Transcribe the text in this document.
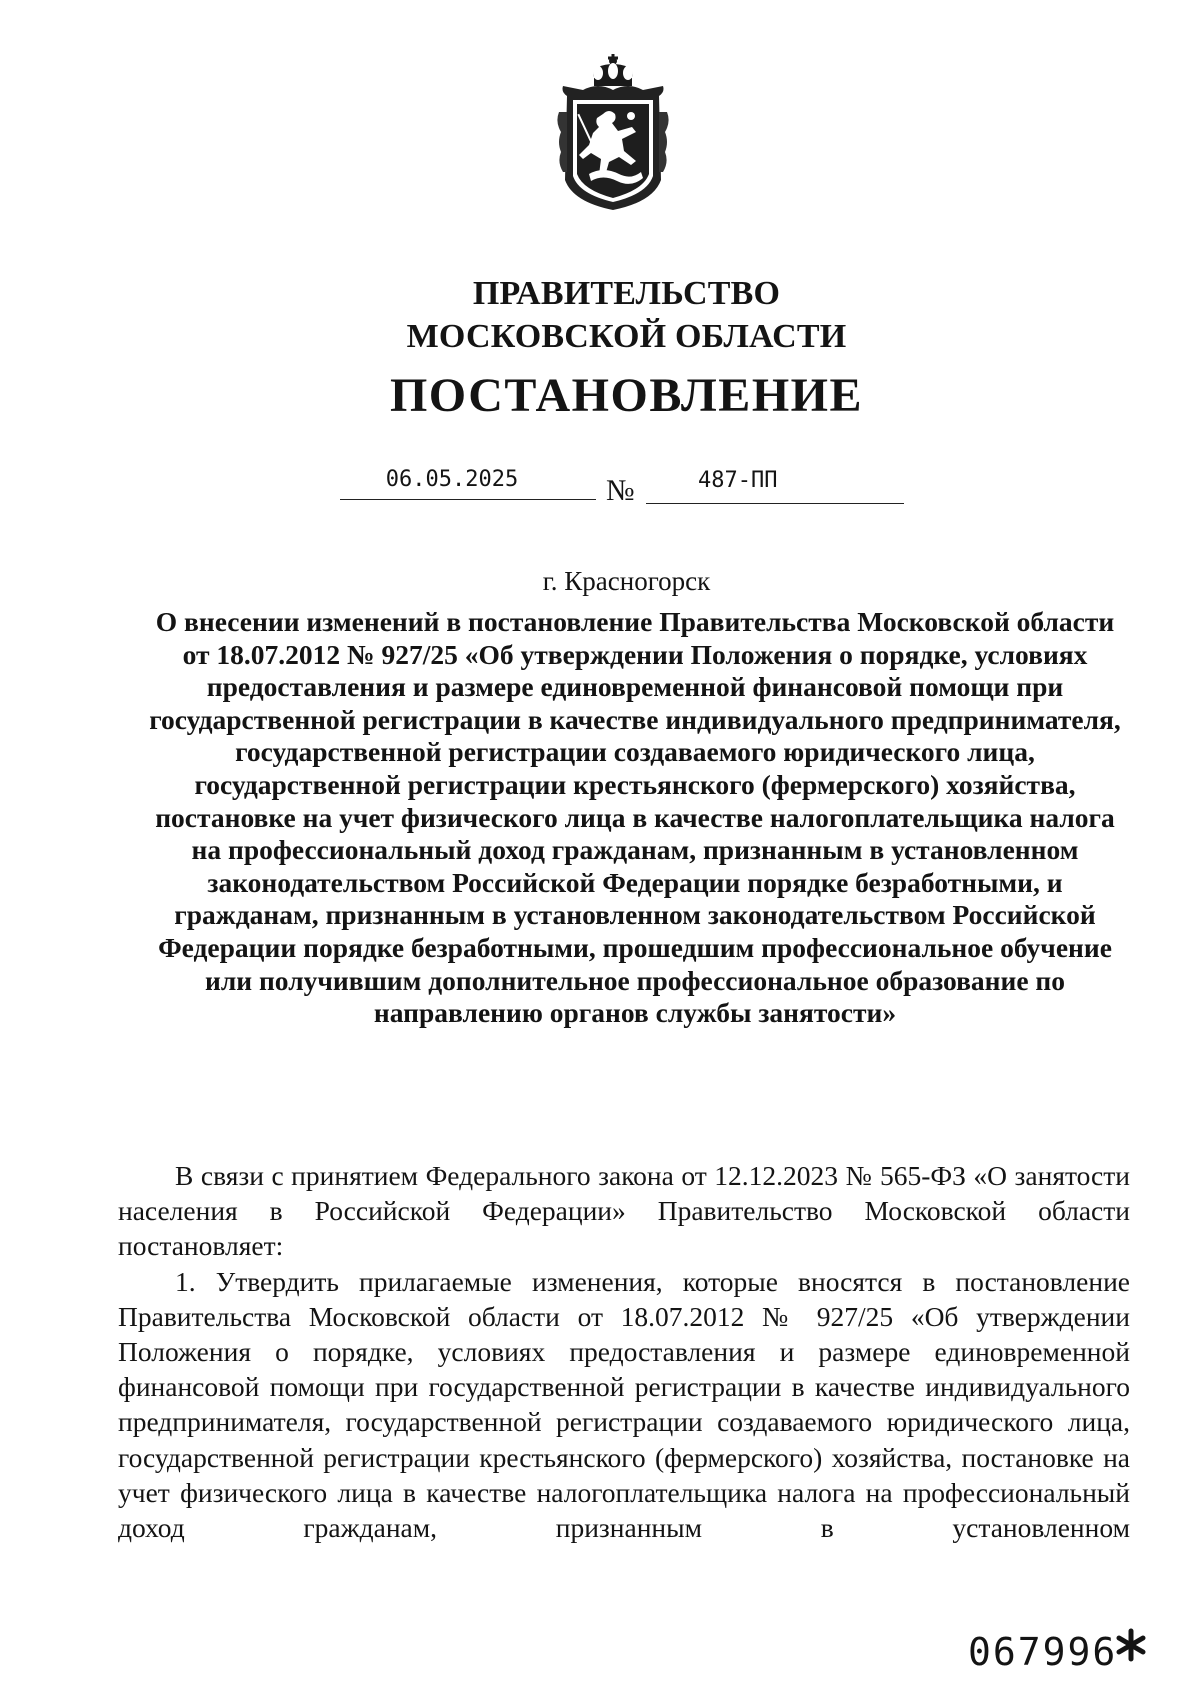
ПРАВИТЕЛЬСТВО
МОСКОВСКОЙ ОБЛАСТИ
ПОСТАНОВЛЕНИЕ
06.05.2025	№	487-ПП
г. Красногорск
О внесении изменений в постановление Правительства Московской области от 18.07.2012 № 927/25 «Об утверждении Положения о порядке, условиях предоставления и размере единовременной финансовой помощи при государственной регистрации в качестве индивидуального предпринимателя, государственной регистрации создаваемого юридического лица, государственной регистрации крестьянского (фермерского) хозяйства, постановке на учет физического лица в качестве налогоплательщика налога на профессиональный доход гражданам, признанным в установленном законодательством Российской Федерации порядке безработными, и гражданам, признанным в установленном законодательством Российской Федерации порядке безработными, прошедшим профессиональное обучение или получившим дополнительное профессиональное образование по направлению органов службы занятости»

В связи с принятием Федерального закона от 12.12.2023 № 565-ФЗ «О занятости населения в Российской Федерации» Правительство Московской области постановляет:

1. Утвердить прилагаемые изменения, которые вносятся в постановление Правительства Московской области от 18.07.2012 № 927/25 «Об утверждении Положения о порядке, условиях предоставления и размере единовременной финансовой помощи при государственной регистрации в качестве индивидуального предпринимателя, государственной регистрации создаваемого юридического лица, государственной регистрации крестьянского (фермерского) хозяйства, постановке на учет физического лица в качестве налогоплательщика налога на профессиональный доход гражданам, признанным в установленном

067996
